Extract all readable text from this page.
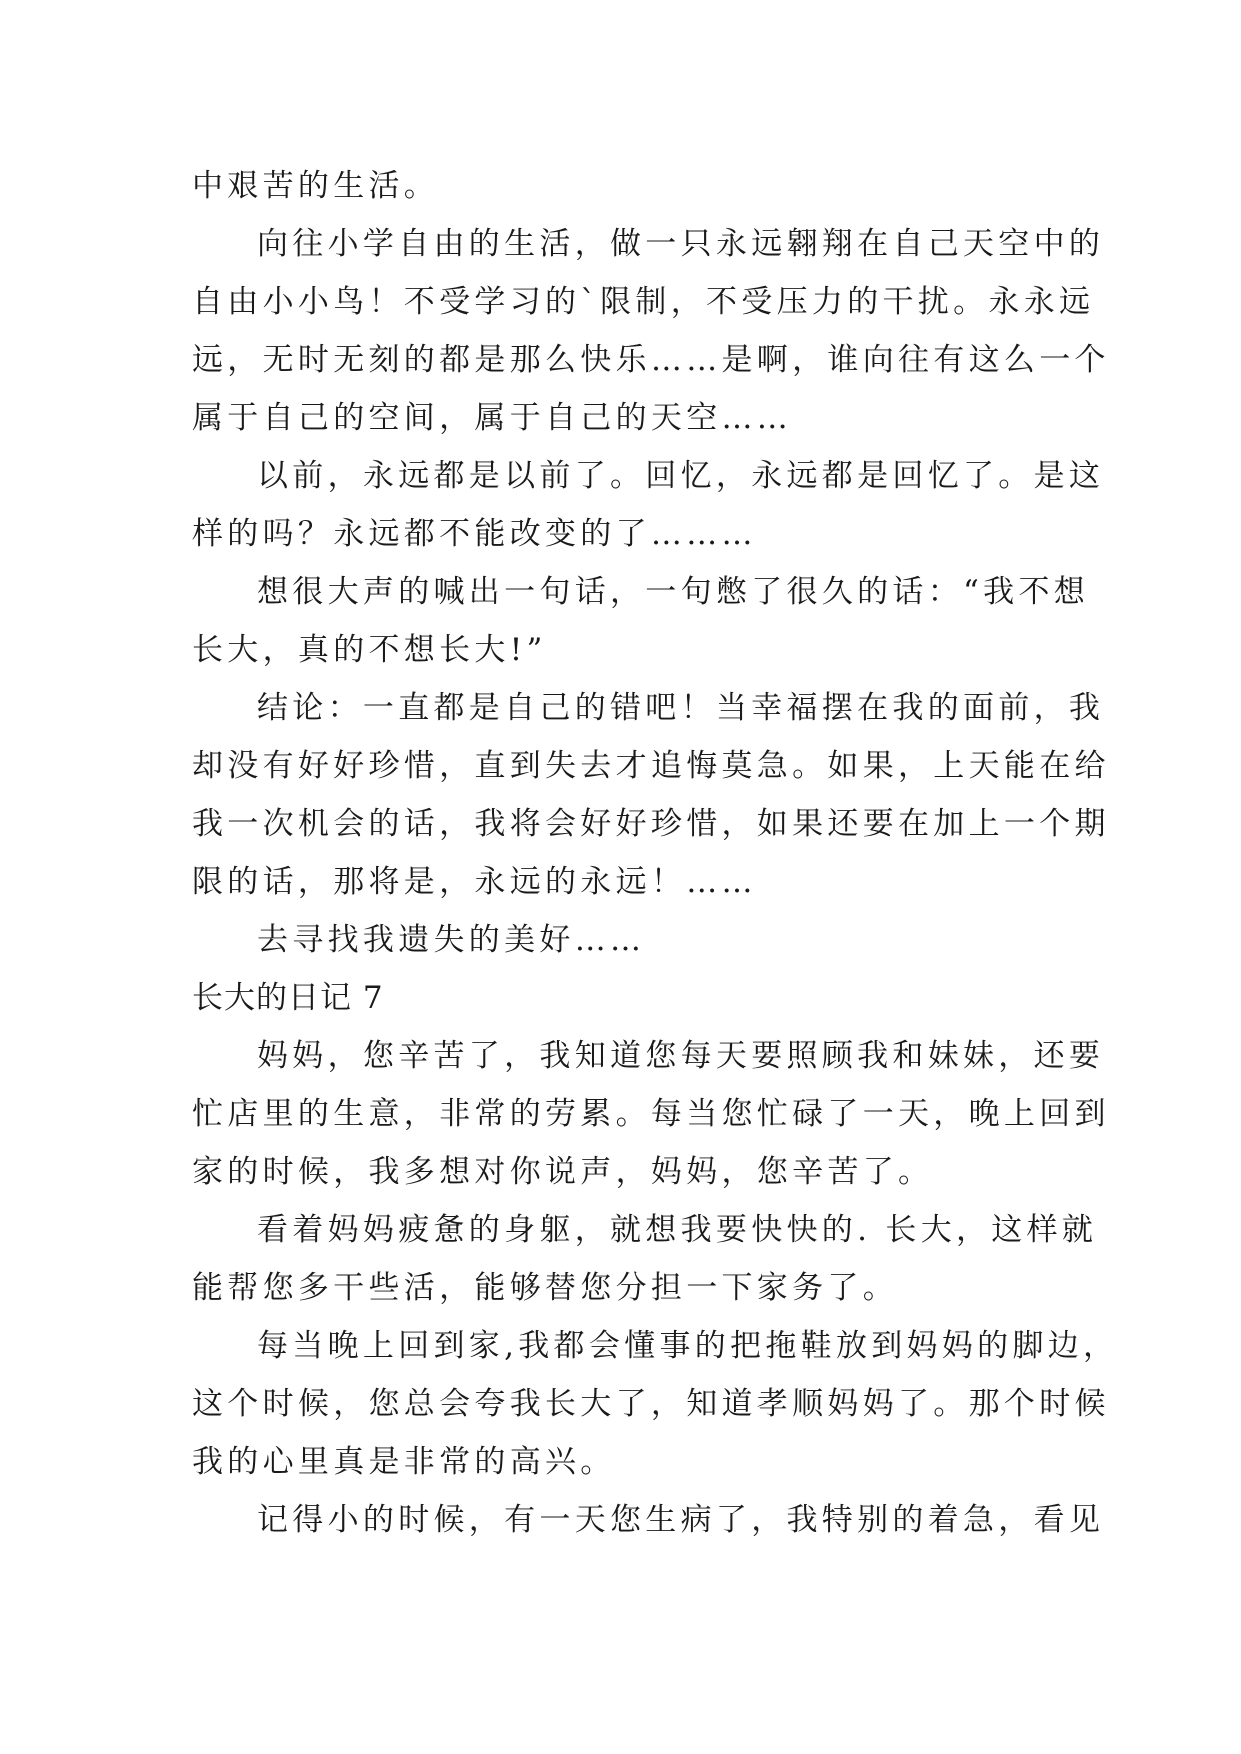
中艰苦的生活。
向往小学自由的生活，做一只永远翱翔在自己天空中的
自由小小鸟！不受学习的`限制，不受压力的干扰。永永远
远，无时无刻的都是那么快乐……是啊，谁向往有这么一个
属于自己的空间，属于自己的天空……
以前，永远都是以前了。回忆，永远都是回忆了。是这
样的吗？永远都不能改变的了………
想很大声的喊出一句话，一句憋了很久的话：“我不想
长大，真的不想长大!”
结论：一直都是自己的错吧！当幸福摆在我的面前，我
却没有好好珍惜，直到失去才追悔莫急。如果，上天能在给
我一次机会的话，我将会好好珍惜，如果还要在加上一个期
限的话，那将是，永远的永远！……
去寻找我遗失的美好……
长大的日记 7
妈妈，您辛苦了，我知道您每天要照顾我和妹妹，还要
忙店里的生意，非常的劳累。每当您忙碌了一天，晚上回到
家的时候，我多想对你说声，妈妈，您辛苦了。
看着妈妈疲惫的身躯，就想我要快快的. 长大，这样就
能帮您多干些活，能够替您分担一下家务了。
每当晚上回到家,我都会懂事的把拖鞋放到妈妈的脚边，
这个时候，您总会夸我长大了，知道孝顺妈妈了。那个时候
我的心里真是非常的高兴。
记得小的时候，有一天您生病了，我特别的着急，看见
